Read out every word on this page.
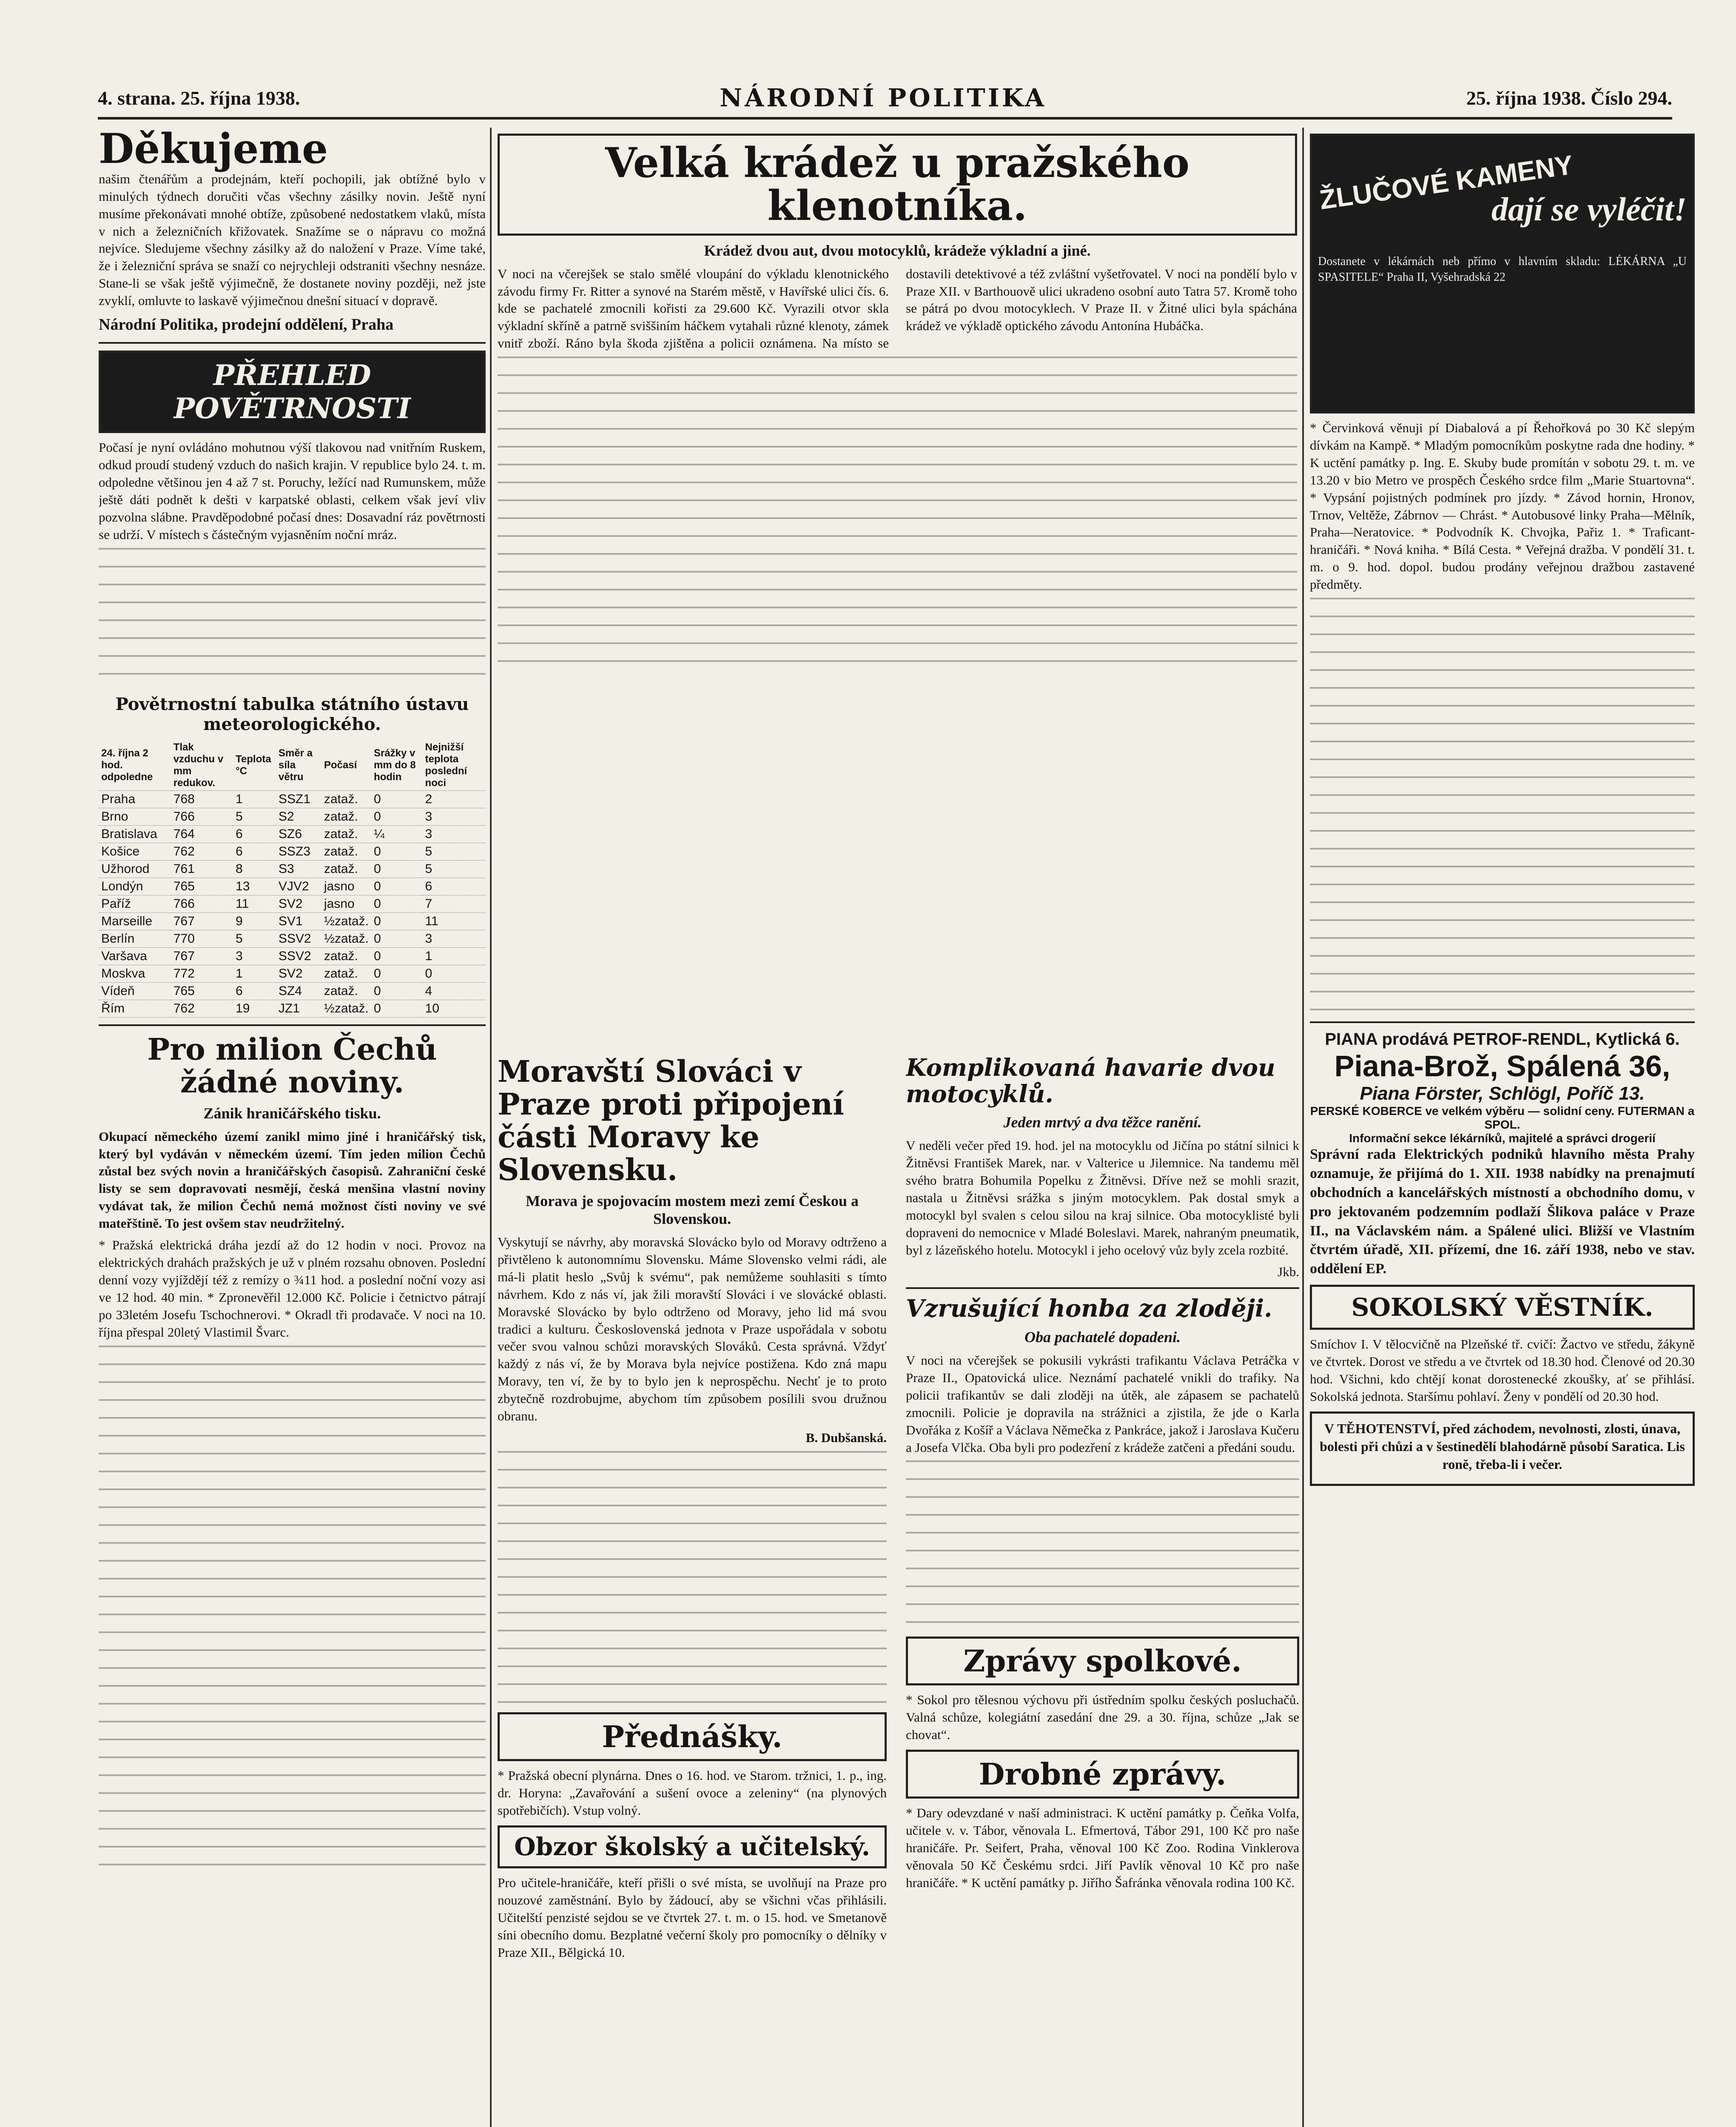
4. strana. 25. října 1938.	NÁRODNÍ POLITIKA	25. října 1938. Číslo 294.
Děkujeme

našim čtenářům a prodejnám, kteří pochopili, jak obtížné bylo v minulých týdnech doručiti včas všechny zásilky novin. Ještě nyní musíme překonávati mnohé obtíže, způsobené nedostatkem vlaků, místa v nich a železničních křižovatek. Snažíme se o nápravu co možná nejvíce. Sledujeme všechny zásilky až do naložení v Praze. Víme také, že i železniční správa se snaží co nejrychleji odstraniti všechny nesnáze. Stane-li se však ještě výjimečně, že dostanete noviny později, než jste zvyklí, omluvte to laskavě výjimečnou dnešní situací v dopravě.

Národní Politika, prodejní oddělení, Praha

PŘEHLED POVĚTRNOSTI

Počasí je nyní ovládáno mohutnou výší tlakovou nad vnitřním Ruskem, odkud proudí studený vzduch do našich krajin. V republice bylo 24. t. m. odpoledne většinou jen 4 až 7 st. Poruchy, ležící nad Rumunskem, může ještě dáti podnět k dešti v karpatské oblasti, celkem však jeví vliv pozvolna slábne. Pravděpodobné počasí dnes: Dosavadní ráz povětrnosti se udrží. V místech s částečným vyjasněním noční mráz.

Povětrnostní tabulka státního ústavu meteorologického.
24. října 2 hod. odpoledne	Tlak vzduchu v mm redukov.	Teplota °C	Směr a síla větru	Počasí	Srážky v mm do 8 hodin	Nejnižší teplota poslední noci
Praha	768	1	SSZ1	zataž.	0	2
Brno	766	5	S2	zataž.	0	3
Bratislava	764	6	SZ6	zataž.	¼	3
Košice	762	6	SSZ3	zataž.	0	5
Užhorod	761	8	S3	zataž.	0	5
Londýn	765	13	VJV2	jasno	0	6
Paříž	766	11	SV2	jasno	0	7
Marseille	767	9	SV1	½zataž.	0	11
Berlín	770	5	SSV2	½zataž.	0	3
Varšava	767	3	SSV2	zataž.	0	1
Moskva	772	1	SV2	zataž.	0	0
Vídeň	765	6	SZ4	zataž.	0	4
Řím	762	19	JZ1	½zataž.	0	10
Pro milion Čechů žádné noviny.
Zánik hraničářského tisku.

Okupací německého území zanikl mimo jiné i hraničářský tisk, který byl vydáván v německém území. Tím jeden milion Čechů zůstal bez svých novin a hraničářských časopisů. Zahraniční české listy se sem dopravovati nesmějí, česká menšina vlastní noviny vydávat tak, že milion Čechů nemá možnost čísti noviny ve své mateřštině. To jest ovšem stav neudržitelný.

* Pražská elektrická dráha jezdí až do 12 hodin v noci. Provoz na elektrických drahách pražských je už v plném rozsahu obnoven. Poslední denní vozy vyjíždějí též z remízy o ¾11 hod. a poslední noční vozy asi ve 12 hod. 40 min. * Zpronevěřil 12.000 Kč. Policie i četnictvo pátrají po 33letém Josefu Tschochnerovi. * Okradl tři prodavače. V noci na 10. října přespal 20letý Vlastimil Švarc.

Velká krádež u pražského klenotníka.
Krádež dvou aut, dvou motocyklů, krádeže výkladní a jiné.

V noci na včerejšek se stalo smělé vloupání do výkladu klenotnického závodu firmy Fr. Ritter a synové na Starém městě, v Havířské ulici čís. 6. kde se pachatelé zmocnili kořisti za 29.600 Kč. Vyrazili otvor skla výkladní skříně a patrně sviššiním háčkem vytahali různé klenoty, zámek vnitř zboží. Ráno byla škoda zjištěna a policii oznámena. Na místo se dostavili detektivové a též zvláštní vyšetřovatel. V noci na pondělí bylo v Praze XII. v Barthouově ulici ukradeno osobní auto Tatra 57. Kromě toho se pátrá po dvou motocyklech. V Praze II. v Žitné ulici byla spáchána krádež ve výkladě optického závodu Antonína Hubáčka.

Moravští Slováci v Praze proti připojení části Moravy ke Slovensku.
Morava je spojovacím mostem mezi zemí Českou a Slovenskou.

Vyskytují se návrhy, aby moravská Slovácko bylo od Moravy odtrženo a přivtěleno k autonomnímu Slovensku. Máme Slovensko velmi rádi, ale má-li platit heslo „Svůj k svému“, pak nemůžeme souhlasiti s tímto návrhem. Kdo z nás ví, jak žili moravští Slováci i ve slovácké oblasti. Moravské Slovácko by bylo odtrženo od Moravy, jeho lid má svou tradici a kulturu. Československá jednota v Praze uspořádala v sobotu večer svou valnou schůzi moravských Slováků. Cesta správná. Vždyť každý z nás ví, že by Morava byla nejvíce postižena. Kdo zná mapu Moravy, ten ví, že by to bylo jen k neprospěchu. Nechť je to proto zbytečně rozdrobujme, abychom tím způsobem posílili svou družnou obranu.

B. Dubšanská.

Přednášky.

* Pražská obecní plynárna. Dnes o 16. hod. ve Starom. tržnici, 1. p., ing. dr. Horyna: „Zavařování a sušení ovoce a zeleniny“ (na plynových spotřebičích). Vstup volný.

Obzor školský a učitelský.

Pro učitele-hraničáře, kteří přišli o své místa, se uvolňují na Praze pro nouzové zaměstnání. Bylo by žádoucí, aby se všichni včas přihlásili. Učitelští penzisté sejdou se ve čtvrtek 27. t. m. o 15. hod. ve Smetanově síni obecního domu. Bezplatné večerní školy pro pomocníky o dělníky v Praze XII., Bělgická 10.

Komplikovaná havarie dvou motocyklů.
Jeden mrtvý a dva těžce ranění.

V neděli večer před 19. hod. jel na motocyklu od Jičína po státní silnici k Žitněvsi František Marek, nar. v Valterice u Jilemnice. Na tandemu měl svého bratra Bohumila Popelku z Žitněvsi. Dříve než se mohli srazit, nastala u Žitněvsi srážka s jiným motocyklem. Pak dostal smyk a motocykl byl svalen s celou silou na kraj silnice. Oba motocyklisté byli dopraveni do nemocnice v Mladé Boleslavi. Marek, nahraným pneumatik, byl z lázeňského hotelu. Motocykl i jeho ocelový vůz byly zcela rozbité.

Jkb.

Vzrušující honba za zloději.
Oba pachatelé dopadeni.

V noci na včerejšek se pokusili vykrásti trafikantu Václava Petráčka v Praze II., Opatovická ulice. Neznámí pachatelé vnikli do trafiky. Na policii trafikantův se dali zloději na útěk, ale zápasem se pachatelů zmocnili. Policie je dopravila na strážnici a zjistila, že jde o Karla Dvořáka z Košíř a Václava Němečka z Pankráce, jakož i Jaroslava Kučeru a Josefa Vlčka. Oba byli pro podezření z krádeže zatčeni a předáni soudu.

Zprávy spolkové.

* Sokol pro tělesnou výchovu při ústředním spolku českých posluchačů. Valná schůze, kolegiátní zasedání dne 29. a 30. října, schůze „Jak se chovat“.

Drobné zprávy.

* Dary odevzdané v naší administraci. K uctění památky p. Čeňka Volfa, učitele v. v. Tábor, věnovala L. Efmertová, Tábor 291, 100 Kč pro naše hraničáře. Pr. Seifert, Praha, věnoval 100 Kč Zoo. Rodina Vinklerova věnovala 50 Kč Českému srdci. Jiří Pavlík věnoval 10 Kč pro naše hraničáře. * K uctění památky p. Jiřího Šafránka věnovala rodina 100 Kč.

ŽLUČOVÉ KAMENY
dají se vyléčit!

Dostanete v lékárnách neb přímo v hlavním skladu: LÉKÁRNA „U SPASITELE“ Praha II, Vyšehradská 22

* Červinková věnuji pí Diabalová a pí Řehořková po 30 Kč slepým dívkám na Kampě. * Mladým pomocníkům poskytne rada dne hodiny. * K uctění památky p. Ing. E. Skuby bude promítán v sobotu 29. t. m. ve 13.20 v bio Metro ve prospěch Českého srdce film „Marie Stuartovna“. * Vypsání pojistných podmínek pro jízdy. * Závod hornin, Hronov, Trnov, Veltěže, Zábrnov — Chrást. * Autobusové linky Praha—Mělník, Praha—Neratovice. * Podvodník K. Chvojka, Pařiz 1. * Traficant-hraničáři. * Nová kniha. * Bílá Cesta. * Veřejná dražba. V pondělí 31. t. m. o 9. hod. dopol. budou prodány veřejnou dražbou zastavené předměty.

PIANA prodává PETROF-RENDL, Kytlická 6.
Piana-Brož, Spálená 36,
Piana Förster, Schlögl, Poříč 13.
PERSKÉ KOBERCE ve velkém výběru — solidní ceny. FUTERMAN a SPOL.
Informační sekce lékárníků, majitelé a správci drogerií

Správní rada Elektrických podniků hlavního města Prahy oznamuje, že přijímá do 1. XII. 1938 nabídky na prenajmutí obchodních a kancelářských místností a obchodního domu, v pro jektovaném podzemním podlaží Šlikova paláce v Praze II., na Václavském nám. a Spálené ulici. Bližší ve Vlastním čtvrtém úřadě, XII. přízemí, dne 16. září 1938, nebo ve stav. oddělení EP.

SOKOLSKÝ VĚSTNÍK.

Smíchov I. V tělocvičně na Plzeňské tř. cvičí: Žactvo ve středu, žákyně ve čtvrtek. Dorost ve středu a ve čtvrtek od 18.30 hod. Členové od 20.30 hod. Všichni, kdo chtějí konat dorostenecké zkoušky, ať se přihlásí. Sokolská jednota. Staršímu pohlaví. Ženy v pondělí od 20.30 hod.

V TĚHOTENSTVÍ, před záchodem, nevolnosti, zlosti, únava, bolesti při chůzi a v šestinedělí blahodárně působí Saratica. Lis roně, třeba-li i večer.
